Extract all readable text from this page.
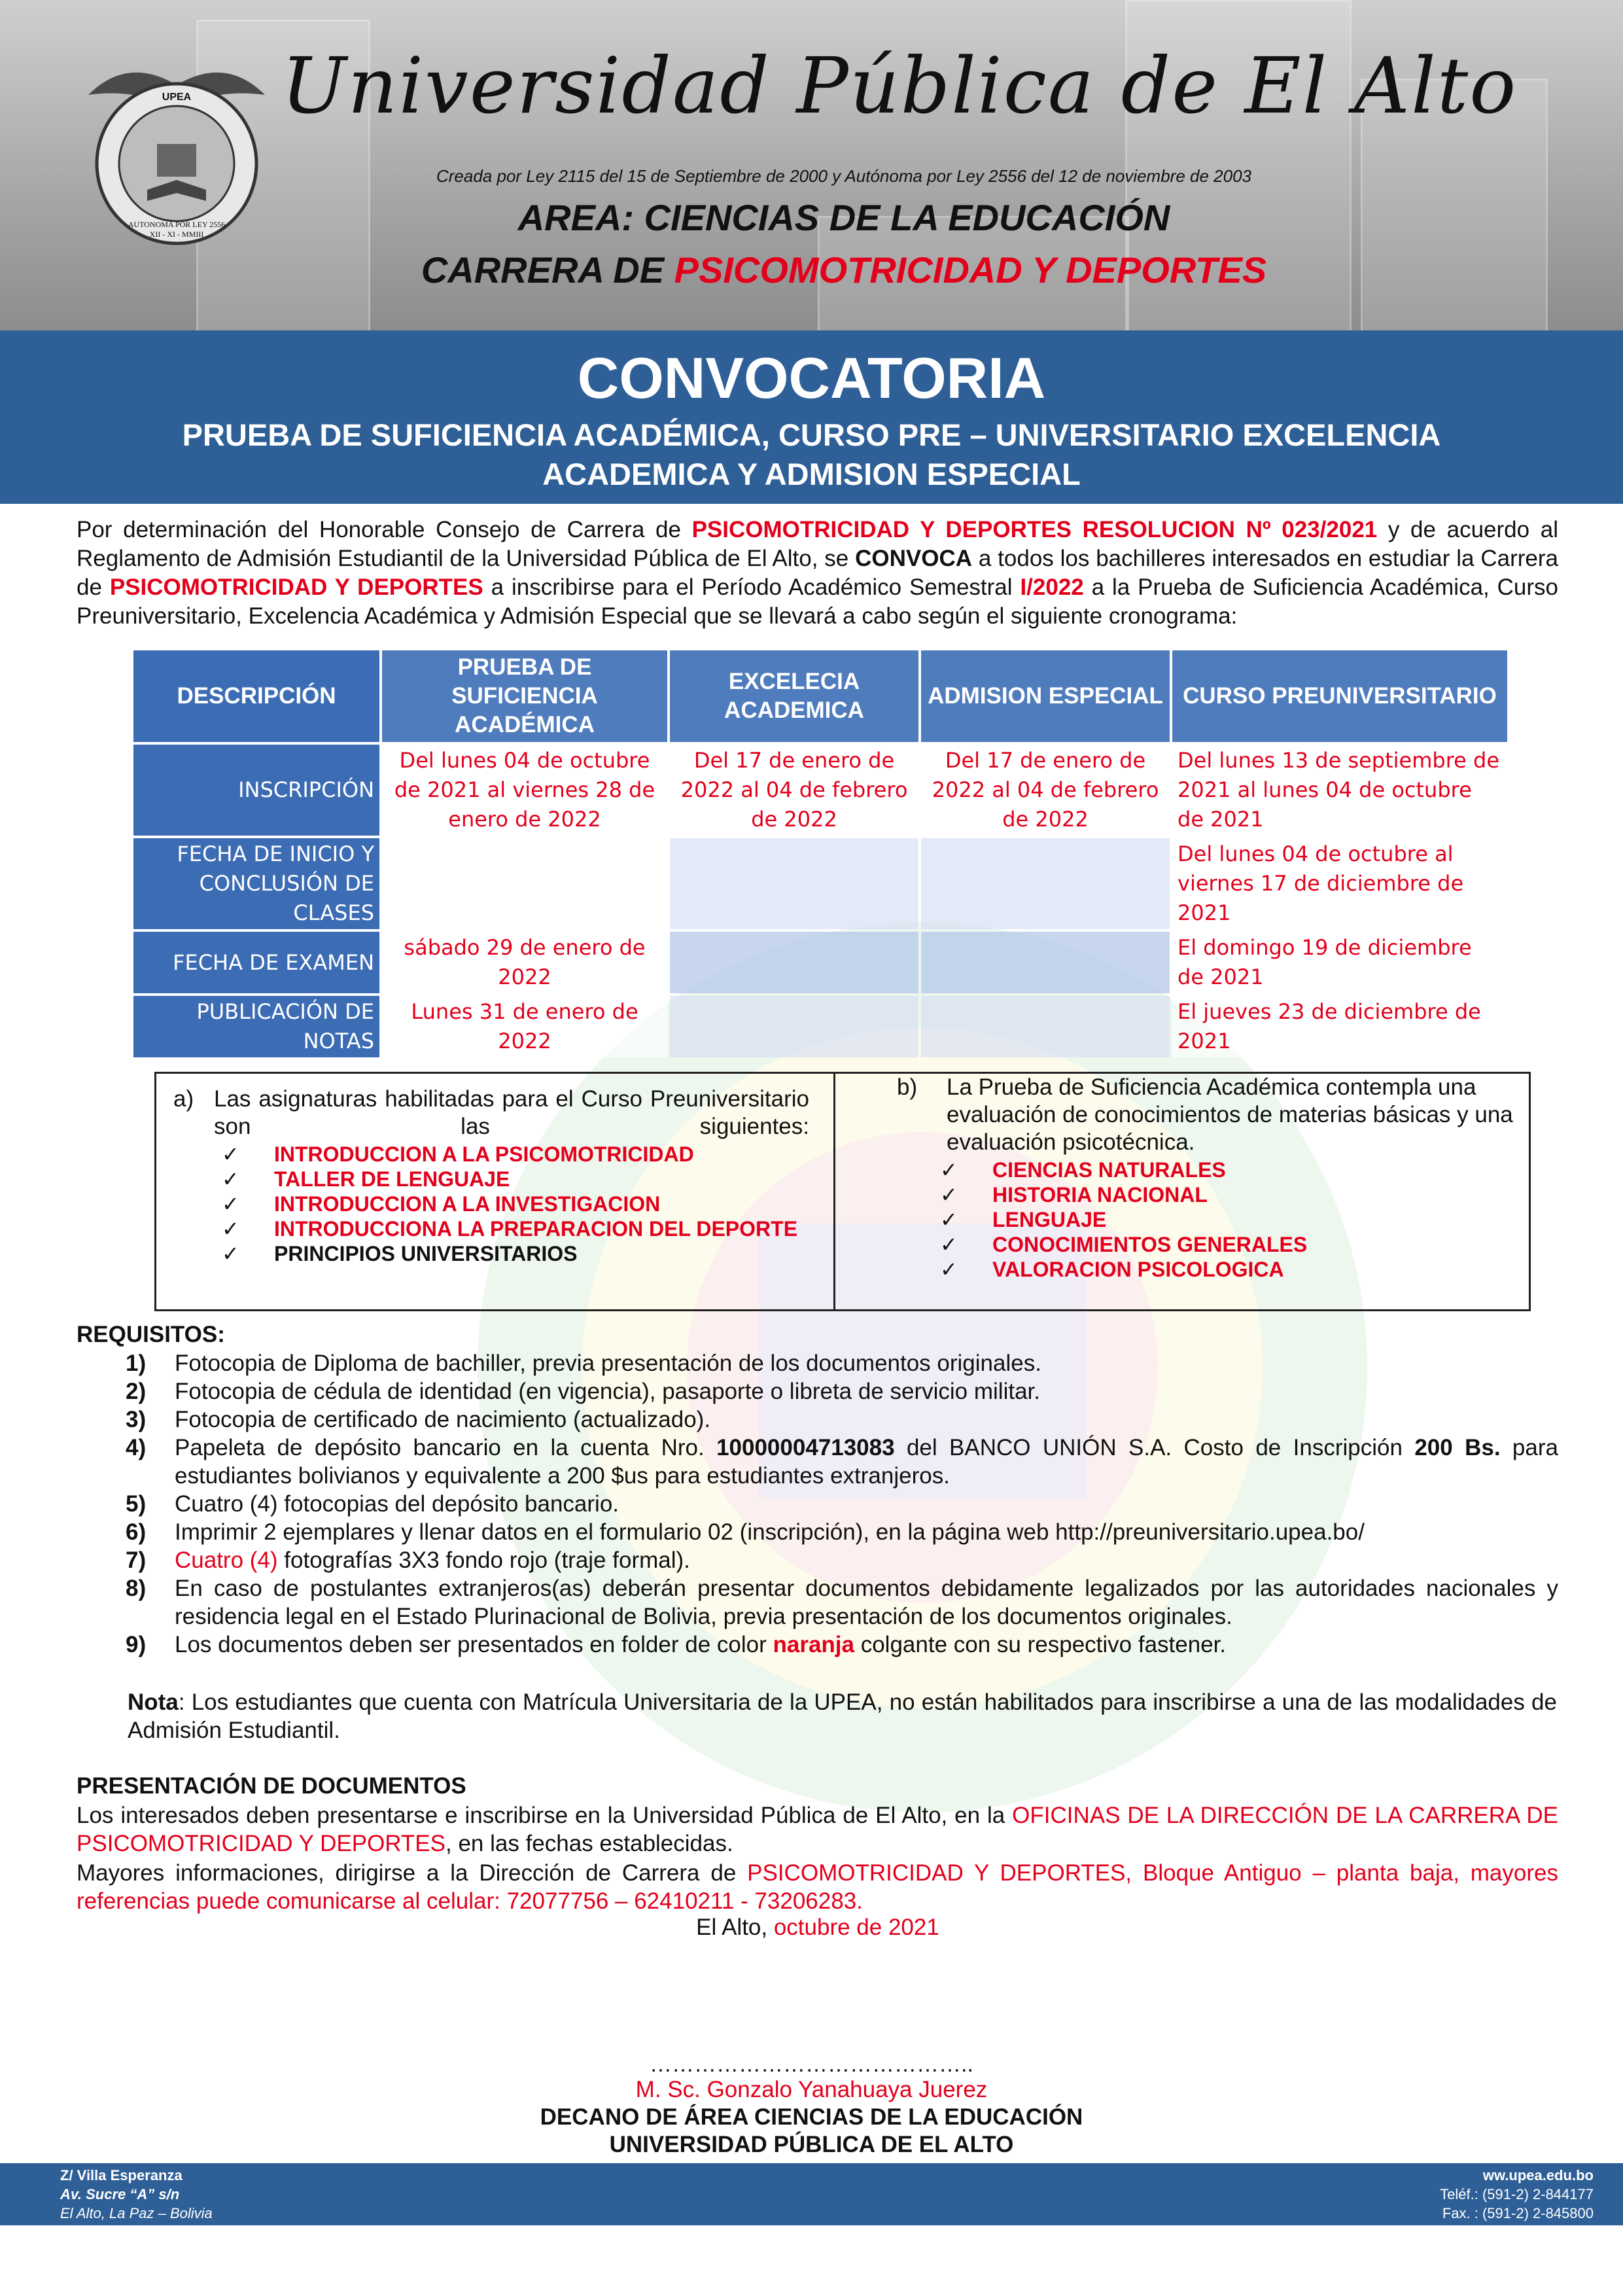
UPEA
AUTONOMA POR LEY 2556
XII - XI - MMIII
Universidad Pública de El Alto
Creada por Ley 2115 del 15 de Septiembre de 2000 y Autónoma por Ley 2556 del 12 de noviembre de 2003
AREA: CIENCIAS DE LA EDUCACIÓN
CARRERA DE PSICOMOTRICIDAD Y DEPORTES
CONVOCATORIA
PRUEBA DE SUFICIENCIA ACADÉMICA, CURSO PRE – UNIVERSITARIO EXCELENCIA ACADEMICA Y ADMISION ESPECIAL
Por determinación del Honorable Consejo de Carrera de PSICOMOTRICIDAD Y DEPORTES RESOLUCION Nº 023/2021 y de acuerdo al Reglamento de Admisión Estudiantil de la Universidad Pública de El Alto, se CONVOCA a todos los bachilleres interesados en estudiar la Carrera de PSICOMOTRICIDAD Y DEPORTES a inscribirse para el Período Académico Semestral I/2022 a la Prueba de Suficiencia Académica, Curso Preuniversitario, Excelencia Académica y Admisión Especial que se llevará a cabo según el siguiente cronograma:
DESCRIPCIÓN	PRUEBA DE SUFICIENCIA ACADÉMICA	EXCELECIA ACADEMICA	ADMISION ESPECIAL	CURSO PREUNIVERSITARIO
INSCRIPCIÓN	Del lunes 04 de octubre de 2021 al viernes 28 de enero de 2022	Del 17 de enero de 2022 al 04 de febrero de 2022	Del 17 de enero de 2022 al 04 de febrero de 2022	Del lunes 13 de septiembre de 2021 al lunes 04 de octubre de 2021
FECHA DE INICIO Y CONCLUSIÓN DE CLASES				Del lunes 04 de octubre al viernes 17 de diciembre de 2021
FECHA DE EXAMEN	sábado 29 de enero de 2022			El domingo 19 de diciembre de 2021
PUBLICACIÓN DE NOTAS	Lunes 31 de enero de 2022			El jueves 23 de diciembre de 2021
a) Las asignaturas habilitadas para el Curso Preuniversitario son las siguientes:
✓ INTRODUCCION A LA PSICOMOTRICIDAD
✓ TALLER DE LENGUAJE
✓ INTRODUCCION A LA INVESTIGACION
✓ INTRODUCCIONA LA PREPARACION DEL DEPORTE
✓ PRINCIPIOS UNIVERSITARIOS
b) La Prueba de Suficiencia Académica contempla una evaluación de conocimientos de materias básicas y una evaluación psicotécnica.
✓ CIENCIAS NATURALES
✓ HISTORIA NACIONAL
✓ LENGUAJE
✓ CONOCIMIENTOS GENERALES
✓ VALORACION PSICOLOGICA
REQUISITOS:
1) Fotocopia de Diploma de bachiller, previa presentación de los documentos originales.
2) Fotocopia de cédula de identidad (en vigencia), pasaporte o libreta de servicio militar.
3) Fotocopia de certificado de nacimiento (actualizado).
4) Papeleta de depósito bancario en la cuenta Nro. 10000004713083 del BANCO UNIÓN S.A. Costo de Inscripción 200 Bs. para estudiantes bolivianos y equivalente a 200 $us para estudiantes extranjeros.
5) Cuatro (4) fotocopias del depósito bancario.
6) Imprimir 2 ejemplares y llenar datos en el formulario 02 (inscripción), en la página web http://preuniversitario.upea.bo/
7) Cuatro (4) fotografías 3X3 fondo rojo (traje formal).
8) En caso de postulantes extranjeros(as) deberán presentar documentos debidamente legalizados por las autoridades nacionales y residencia legal en el Estado Plurinacional de Bolivia, previa presentación de los documentos originales.
9) Los documentos deben ser presentados en folder de color naranja colgante con su respectivo fastener.
Nota: Los estudiantes que cuenta con Matrícula Universitaria de la UPEA, no están habilitados para inscribirse a una de las modalidades de Admisión Estudiantil.
PRESENTACIÓN DE DOCUMENTOS
Los interesados deben presentarse e inscribirse en la Universidad Pública de El Alto, en la OFICINAS DE LA DIRECCIÓN DE LA CARRERA DE PSICOMOTRICIDAD Y DEPORTES, en las fechas establecidas.
Mayores informaciones, dirigirse a la Dirección de Carrera de PSICOMOTRICIDAD Y DEPORTES, Bloque Antiguo – planta baja, mayores referencias puede comunicarse al celular: 72077756 – 62410211 - 73206283.
El Alto, octubre de 2021
……………………………………..
M. Sc. Gonzalo Yanahuaya Juerez
DECANO DE ÁREA CIENCIAS DE LA EDUCACIÓN
UNIVERSIDAD PÚBLICA DE EL ALTO
Z/ Villa Esperanza
Av. Sucre “A” s/n
El Alto, La Paz – Bolivia
ww.upea.edu.bo
Teléf.: (591-2) 2-844177
Fax. : (591-2) 2-845800
